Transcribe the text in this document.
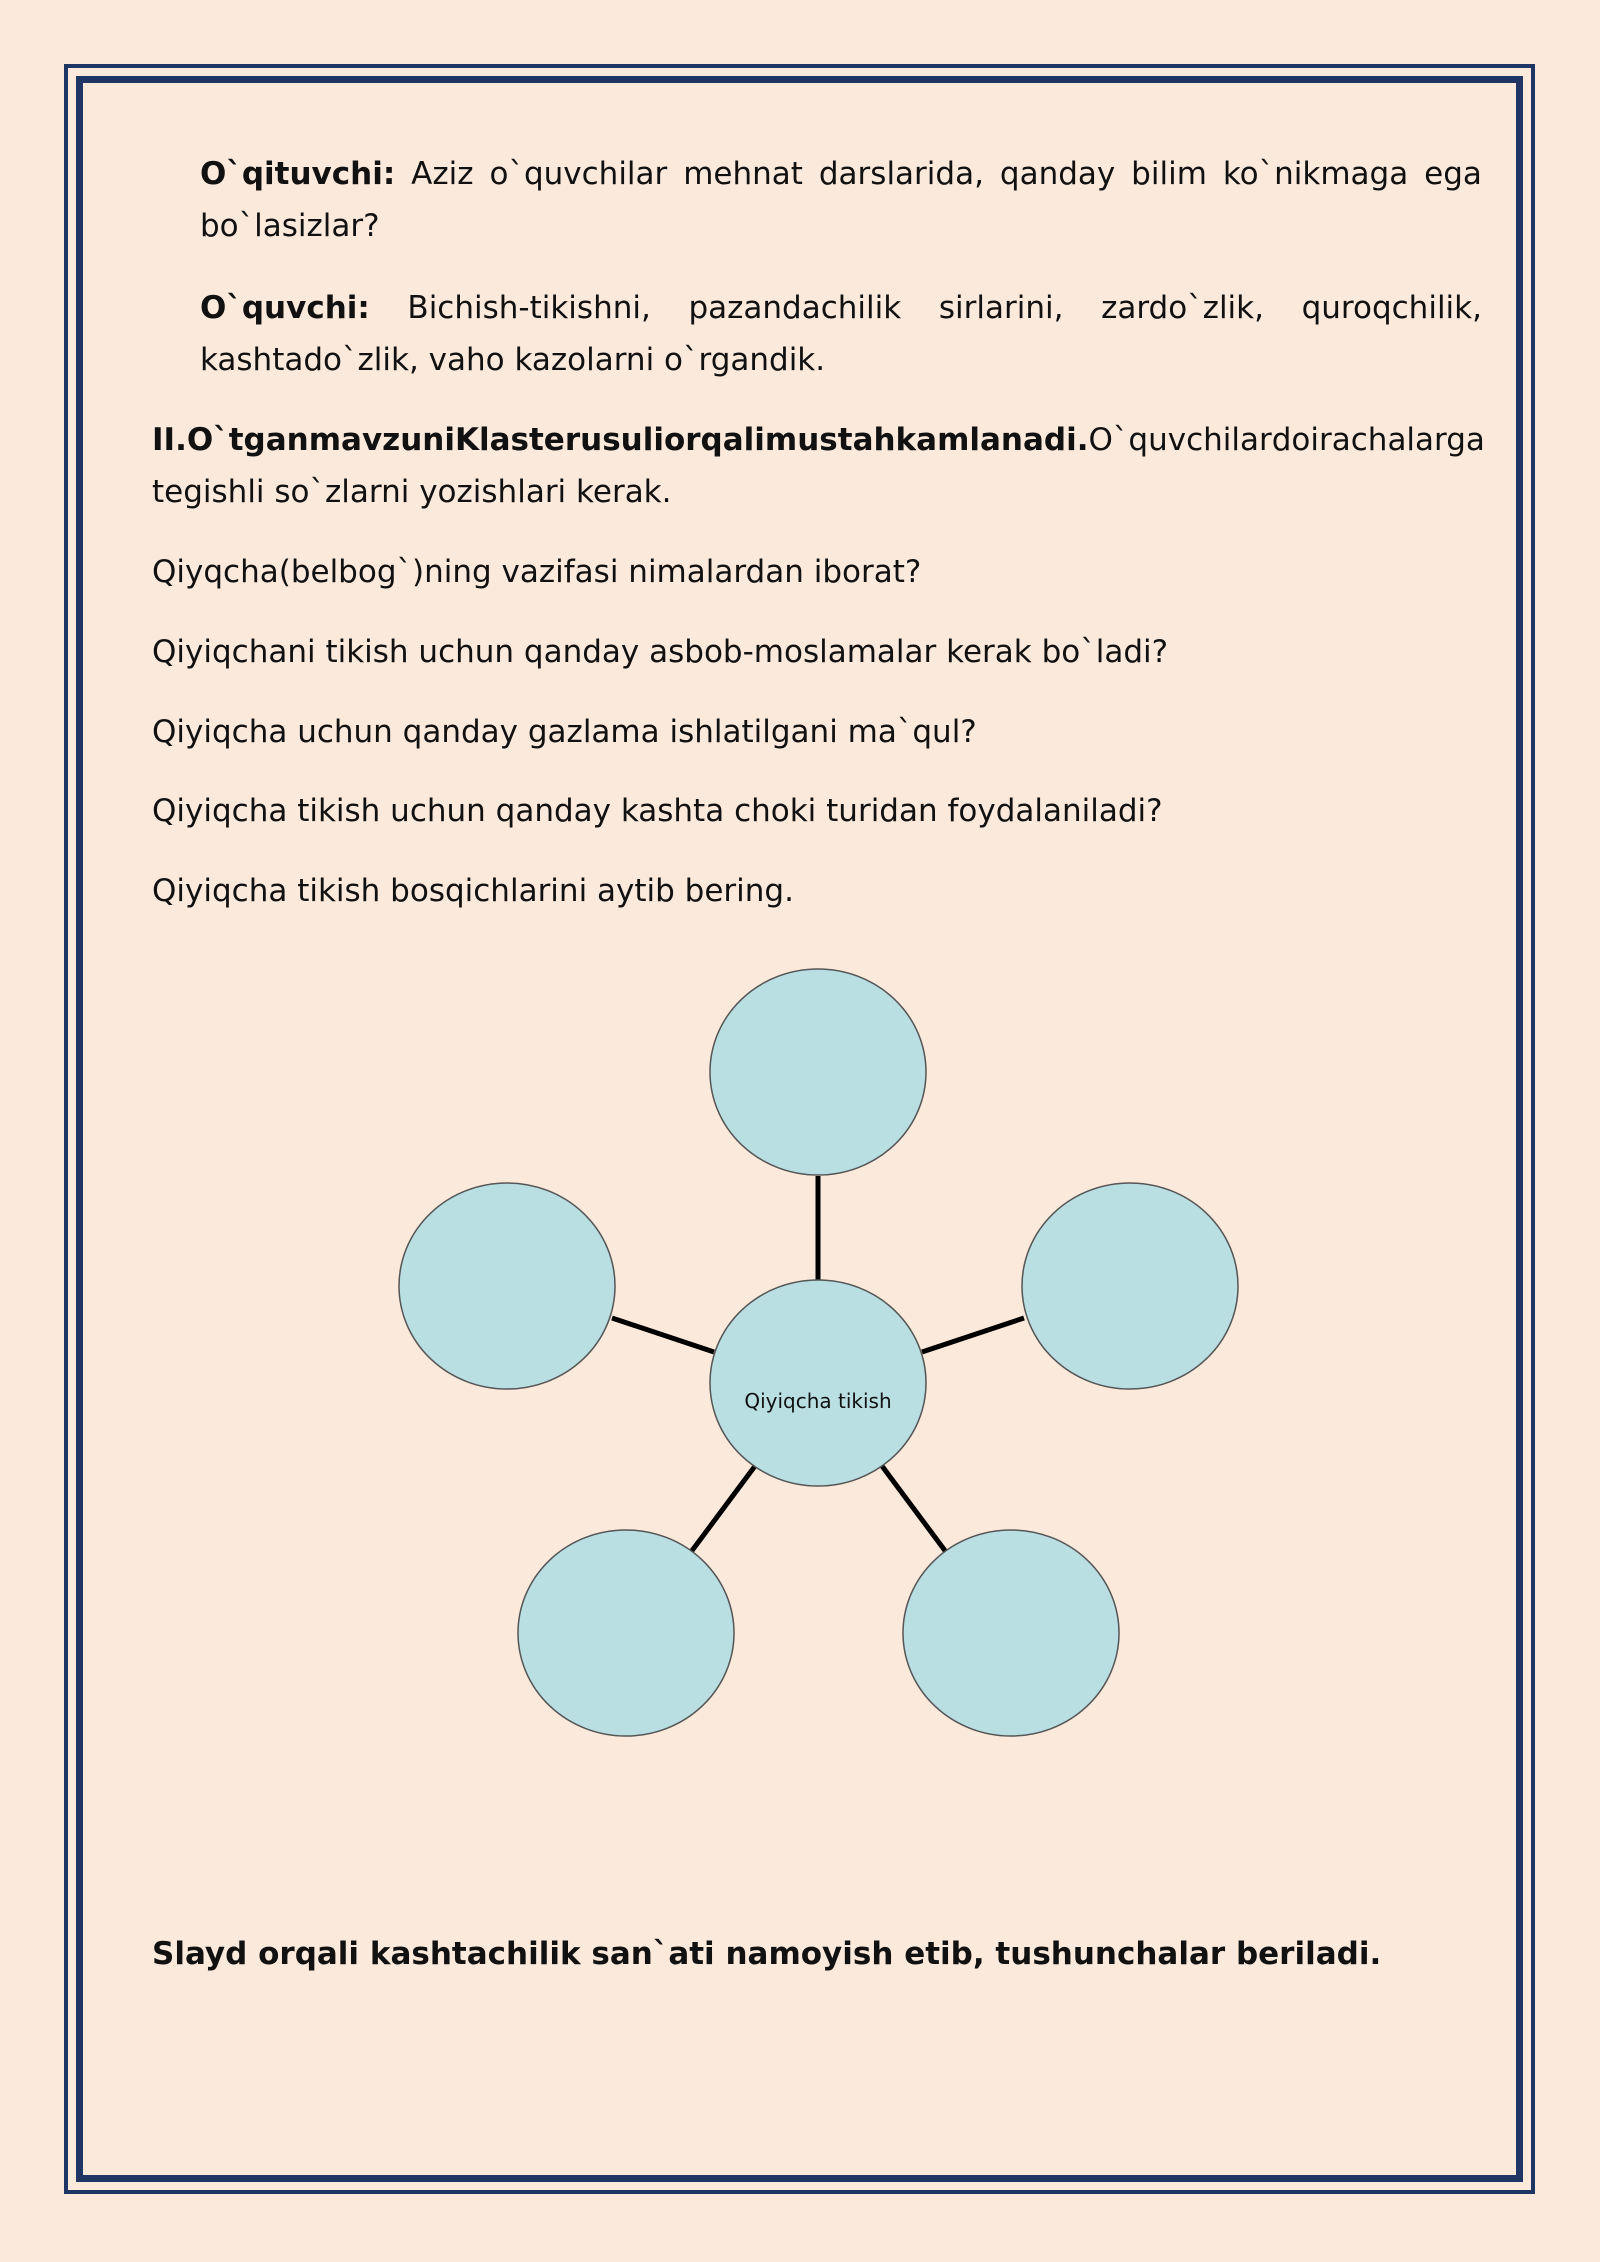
O`qituvchi: Aziz o`quvchilar mehnat darslarida, qanday bilim ko`nikmaga ega
bo`lasizlar?
O`quvchi: Bichish-tikishni, pazandachilik sirlarini, zardo`zlik, quroqchilik,
kashtado`zlik, vaho kazolarni o`rgandik.
II. O`tgan mavzuni Klaster usuli orqali mustahkamlanadi.O`quvchilar doirachalarga
tegishli so`zlarni yozishlari kerak.
Qiyqcha(belbog`)ning vazifasi nimalardan iborat?
Qiyiqchani tikish uchun qanday asbob-moslamalar kerak bo`ladi?
Qiyiqcha uchun qanday gazlama ishlatilgani ma`qul?
Qiyiqcha tikish uchun qanday kashta choki turidan foydalaniladi?
Qiyiqcha tikish bosqichlarini aytib bering.
Qiyiqcha tikish
Slayd orqali kashtachilik san`ati namoyish etib, tushunchalar beriladi.
